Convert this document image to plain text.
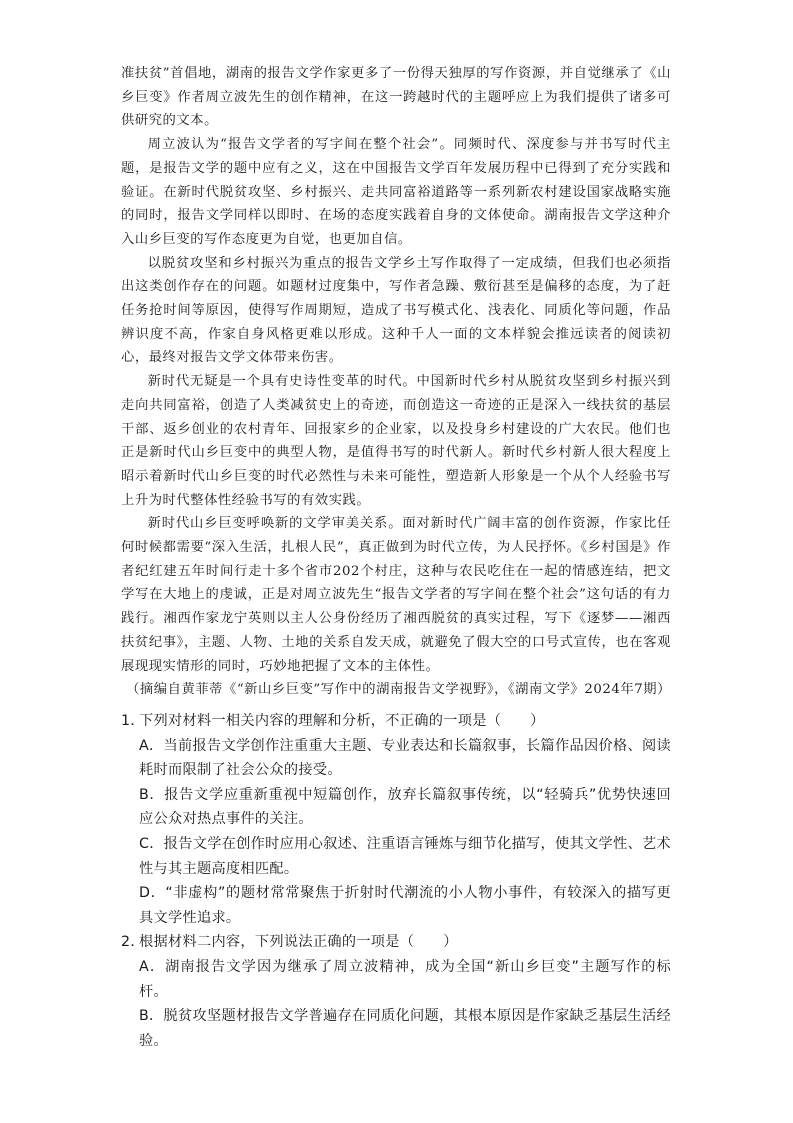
准扶贫”首倡地，湖南的报告文学作家更多了一份得天独厚的写作资源，并自觉继承了《山乡巨变》作者周立波先生的创作精神，在这一跨越时代的主题呼应上为我们提供了诸多可供研究的文本。

周立波认为“报告文学者的写字间在整个社会”。同频时代、深度参与并书写时代主题，是报告文学的题中应有之义，这在中国报告文学百年发展历程中已得到了充分实践和验证。在新时代脱贫攻坚、乡村振兴、走共同富裕道路等一系列新农村建设国家战略实施的同时，报告文学同样以即时、在场的态度实践着自身的文体使命。湖南报告文学这种介入山乡巨变的写作态度更为自觉，也更加自信。

以脱贫攻坚和乡村振兴为重点的报告文学乡土写作取得了一定成绩，但我们也必须指出这类创作存在的问题。如题材过度集中，写作者急躁、敷衍甚至是偏移的态度，为了赶任务抢时间等原因，使得写作周期短，造成了书写模式化、浅表化、同质化等问题，作品辨识度不高，作家自身风格更难以形成。这种千人一面的文本样貌会推远读者的阅读初心，最终对报告文学文体带来伤害。

新时代无疑是一个具有史诗性变革的时代。中国新时代乡村从脱贫攻坚到乡村振兴到走向共同富裕，创造了人类减贫史上的奇迹，而创造这一奇迹的正是深入一线扶贫的基层干部、返乡创业的农村青年、回报家乡的企业家，以及投身乡村建设的广大农民。他们也正是新时代山乡巨变中的典型人物，是值得书写的时代新人。新时代乡村新人很大程度上昭示着新时代山乡巨变的时代必然性与未来可能性，塑造新人形象是一个从个人经验书写上升为时代整体性经验书写的有效实践。

新时代山乡巨变呼唤新的文学审美关系。面对新时代广阔丰富的创作资源，作家比任何时候都需要“深入生活，扎根人民”，真正做到为时代立传，为人民抒怀。《乡村国是》作者纪红建五年时间行走十多个省市202个村庄，这种与农民吃住在一起的情感连结，把文学写在大地上的虔诚，正是对周立波先生“报告文学者的写字间在整个社会”这句话的有力践行。湘西作家龙宁英则以主人公身份经历了湘西脱贫的真实过程，写下《逐梦——湘西扶贫纪事》，主题、人物、土地的关系自发天成，就避免了假大空的口号式宣传，也在客观展现现实情形的同时，巧妙地把握了文本的主体性。

（摘编自黄菲蒂《“新山乡巨变”写作中的湖南报告文学视野》，《湖南文学》2024年7期）

1．下列对材料一相关内容的理解和分析，不正确的一项是（　　）

A．当前报告文学创作注重重大主题、专业表达和长篇叙事，长篇作品因价格、阅读耗时而限制了社会公众的接受。

B．报告文学应重新重视中短篇创作，放弃长篇叙事传统，以“轻骑兵”优势快速回应公众对热点事件的关注。

C．报告文学在创作时应用心叙述、注重语言锤炼与细节化描写，使其文学性、艺术性与其主题高度相匹配。

D．“非虚构”的题材常常聚焦于折射时代潮流的小人物小事件，有较深入的描写更具文学性追求。

2．根据材料二内容，下列说法正确的一项是（　　）

A．湖南报告文学因为继承了周立波精神，成为全国“新山乡巨变”主题写作的标杆。

B．脱贫攻坚题材报告文学普遍存在同质化问题，其根本原因是作家缺乏基层生活经验。
